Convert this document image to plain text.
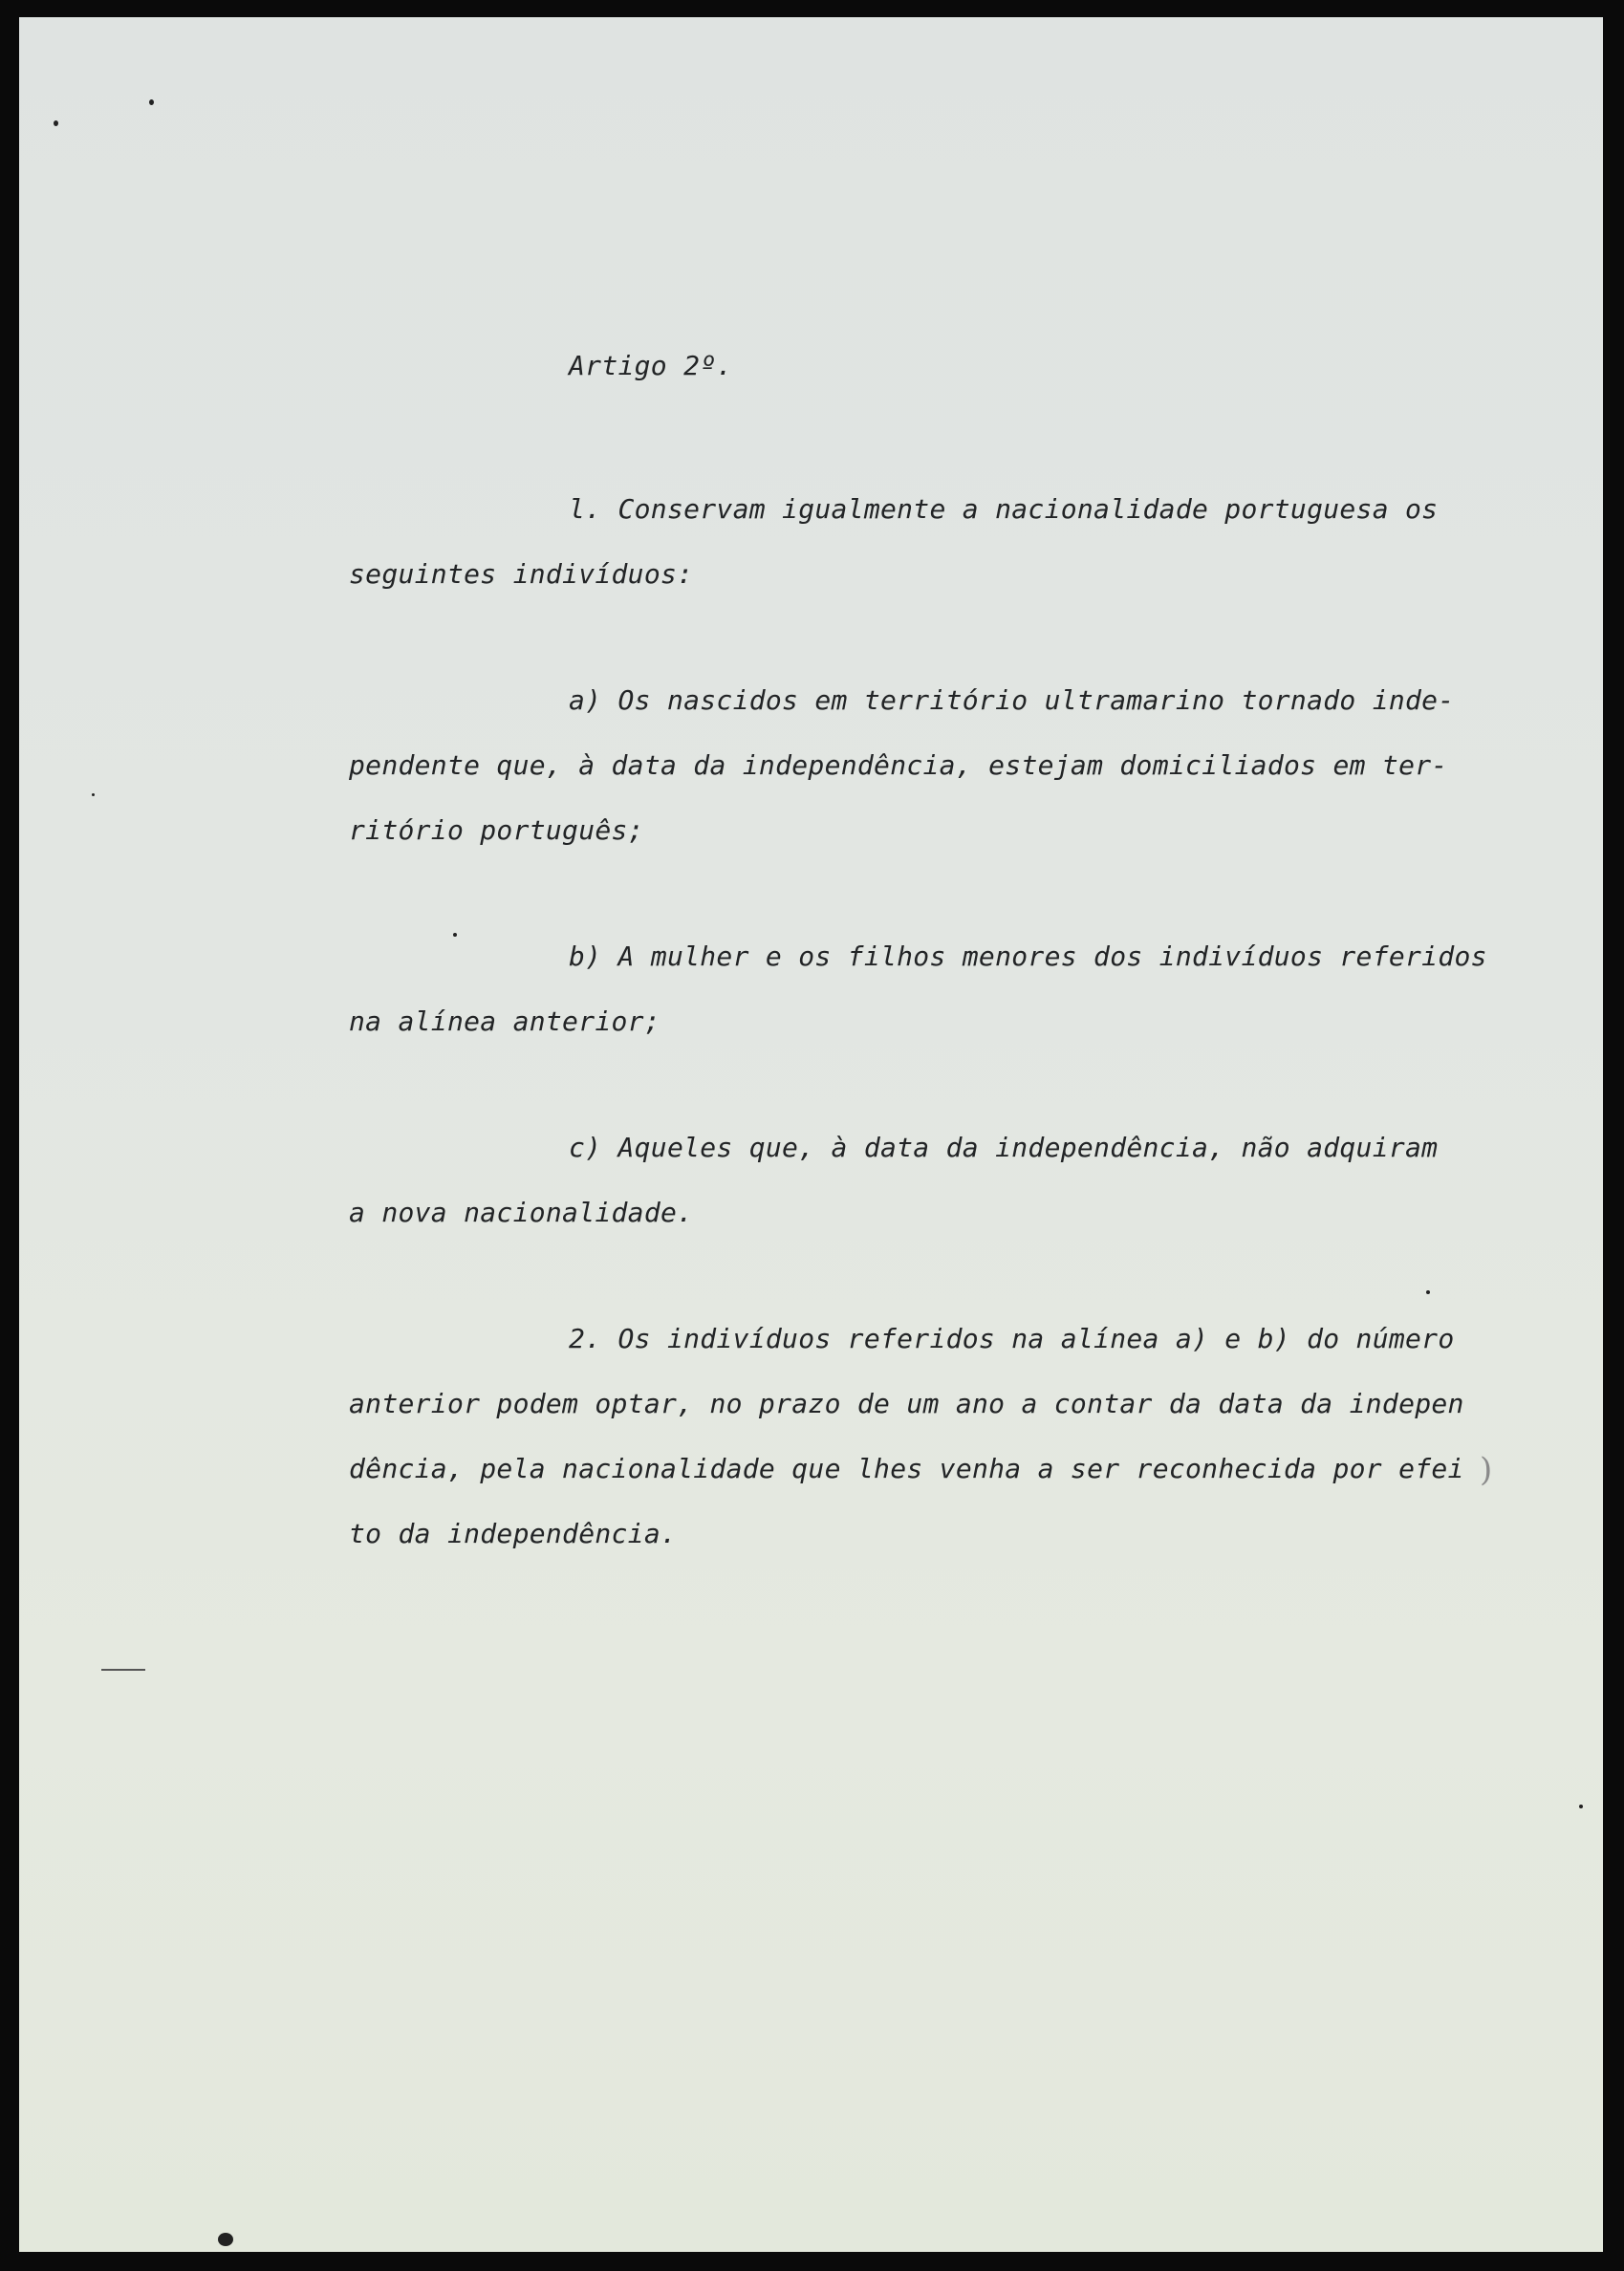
)

Artigo 2º.

l. Conservam igualmente a nacionalidade portuguesa os

seguintes indivíduos:

a) Os nascidos em território ultramarino tornado inde-

pendente que, à data da independência, estejam domiciliados em ter-

ritório português;

b) A mulher e os filhos menores dos indivíduos referidos

na alínea anterior;

c) Aqueles que, à data da independência, não adquiram

a nova nacionalidade.

2. Os indivíduos referidos na alínea a) e b) do número

anterior podem optar, no prazo de um ano a contar da data da indepen

dência, pela nacionalidade que lhes venha a ser reconhecida por efei

to da independência.
